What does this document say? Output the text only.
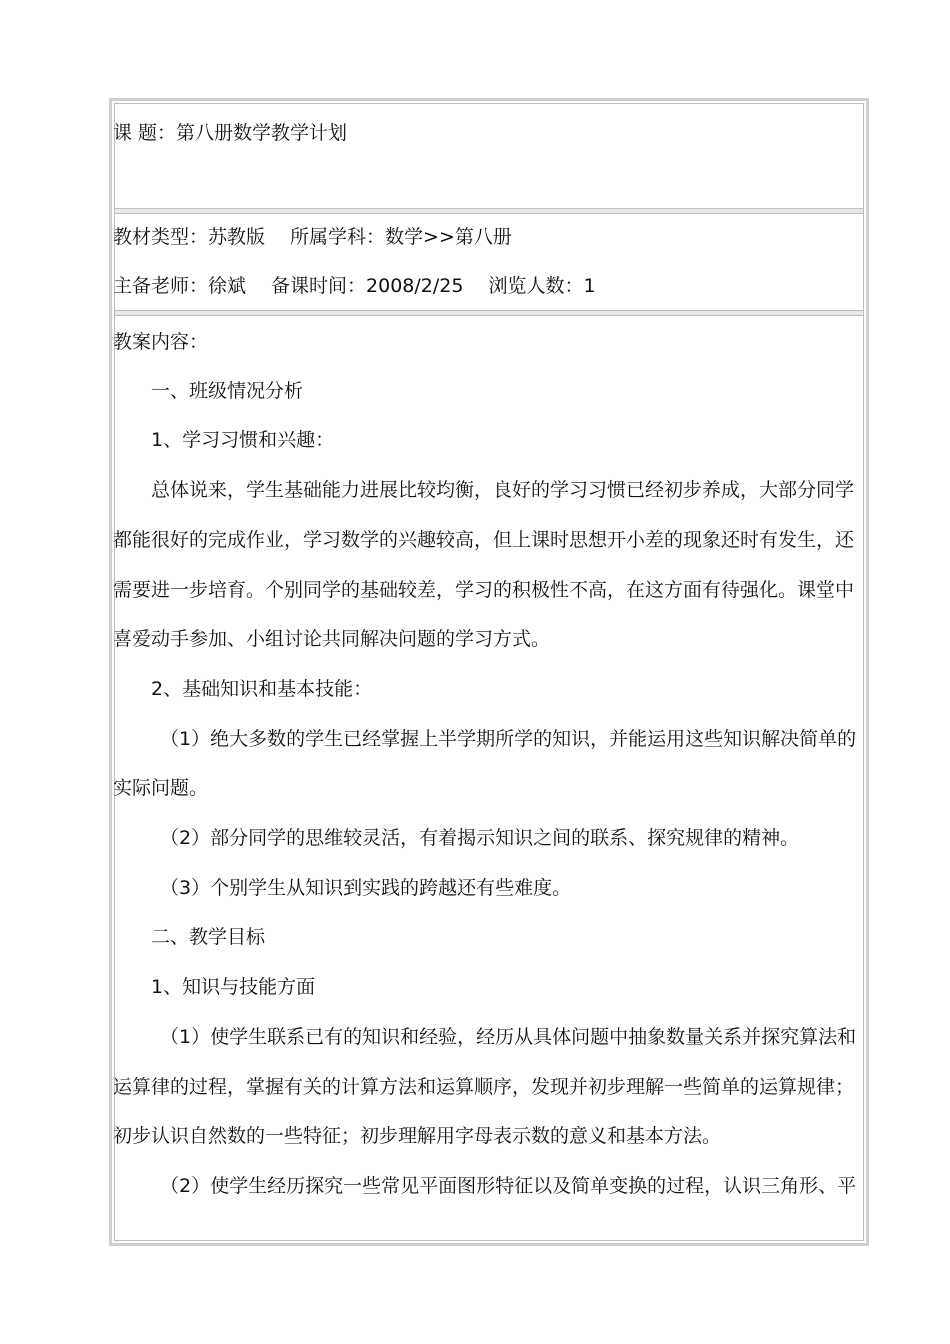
课 题：第八册数学教学计划
教材类型：苏教版　 所属学科：数学>>第八册
主备老师：徐斌　 备课时间：2008/2/25　 浏览人数：1
教案内容：
一、班级情况分析
1、学习习惯和兴趣：
总体说来，学生基础能力进展比较均衡，良好的学习习惯已经初步养成，大部分同学
都能很好的完成作业，学习数学的兴趣较高，但上课时思想开小差的现象还时有发生，还
需要进一步培育。个别同学的基础较差，学习的积极性不高，在这方面有待强化。课堂中
喜爱动手参加、小组讨论共同解决问题的学习方式。
2、基础知识和基本技能：
（1）绝大多数的学生已经掌握上半学期所学的知识，并能运用这些知识解决简单的
实际问题。
（2）部分同学的思维较灵活，有着揭示知识之间的联系、探究规律的精神。
（3）个别学生从知识到实践的跨越还有些难度。
二、教学目标
1、知识与技能方面
（1）使学生联系已有的知识和经验，经历从具体问题中抽象数量关系并探究算法和
运算律的过程，掌握有关的计算方法和运算顺序，发现并初步理解一些简单的运算规律；
初步认识自然数的一些特征；初步理解用字母表示数的意义和基本方法。
（2）使学生经历探究一些常见平面图形特征以及简单变换的过程，认识三角形、平
